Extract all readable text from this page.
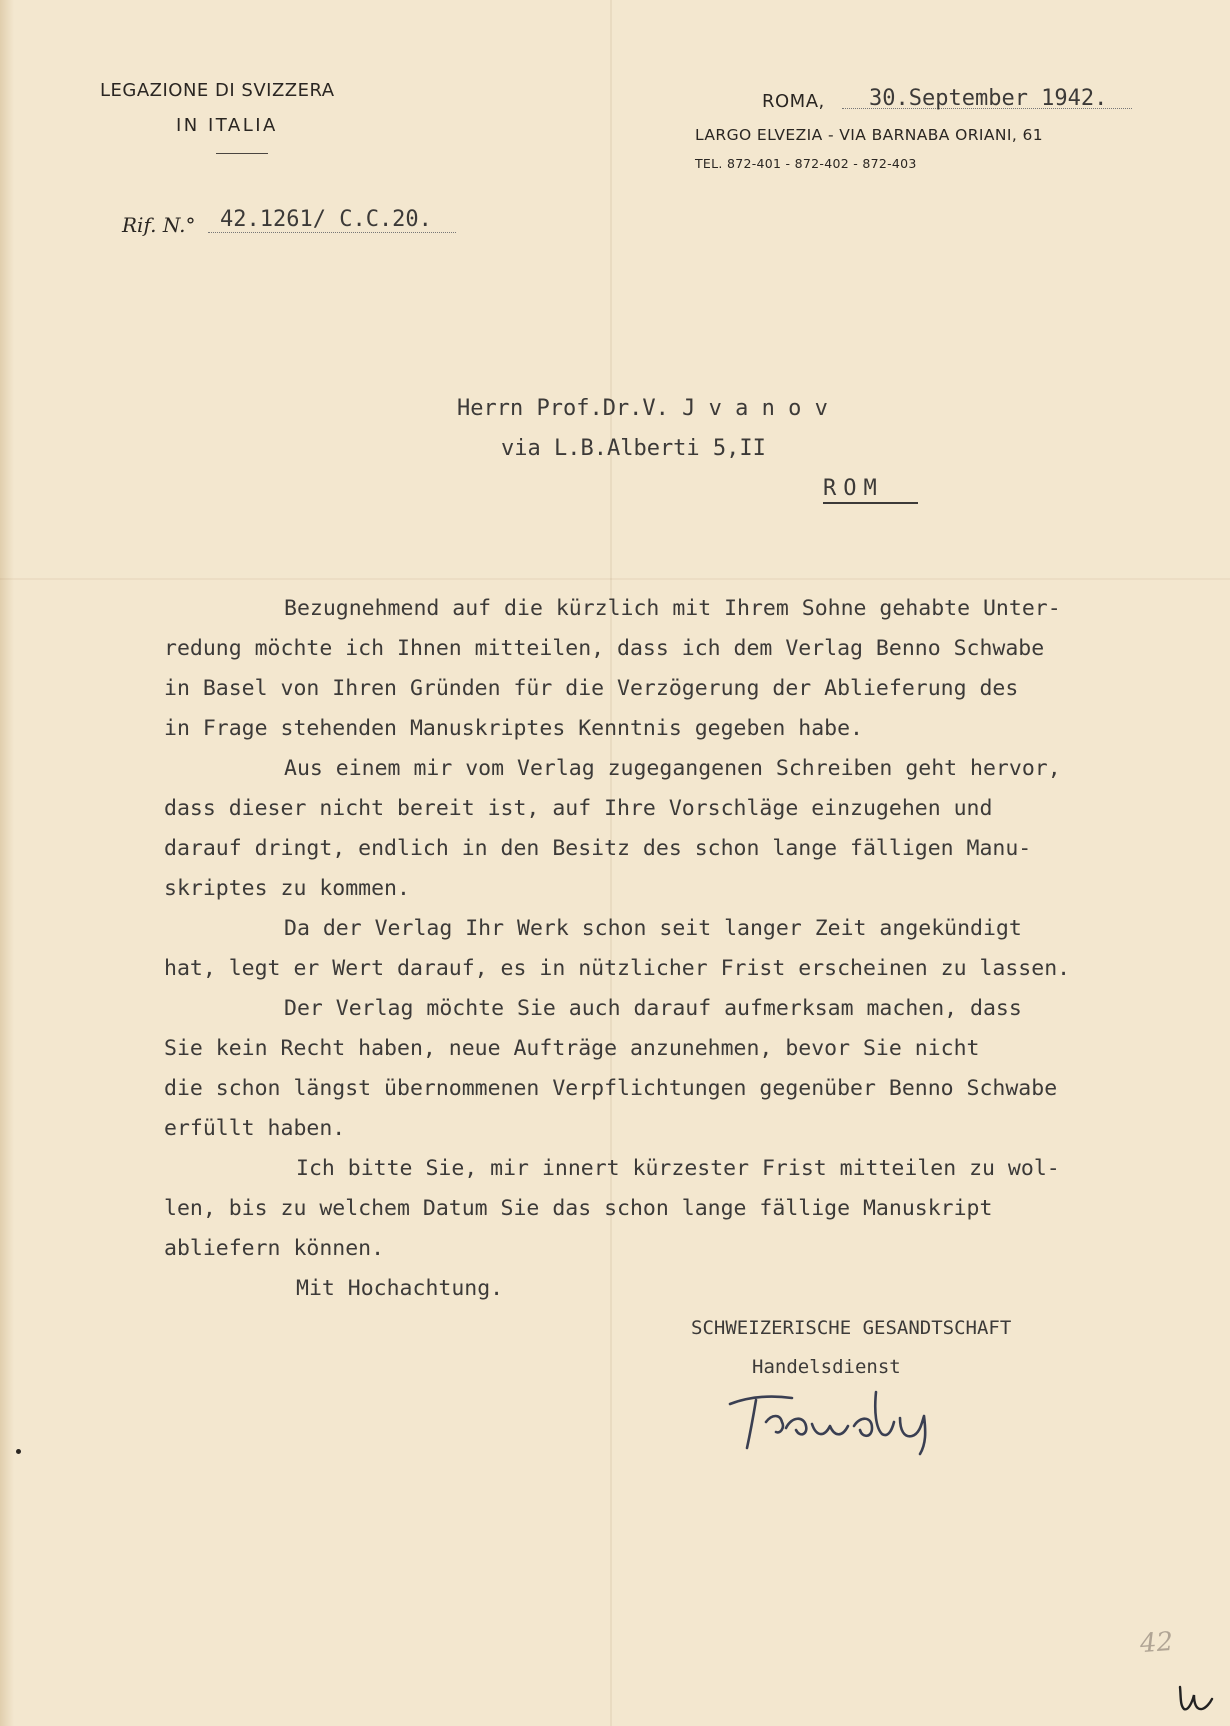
LEGAZIONE DI SVIZZERA
IN ITALIA
ROMA, 30.September 1942.
LARGO ELVEZIA - VIA BARNABA ORIANI, 61
TEL. 872-401 - 872-402 - 872-403
Rif. N.° 42.1261/ C.C.20.
Herrn Prof.Dr.V. J v a n o v
via L.B.Alberti 5,II
ROM
Bezugnehmend auf die kürzlich mit Ihrem Sohne gehabte Unter-
redung möchte ich Ihnen mitteilen, dass ich dem Verlag Benno Schwabe
in Basel von Ihren Gründen für die Verzögerung der Ablieferung des
in Frage stehenden Manuskriptes Kenntnis gegeben habe.
Aus einem mir vom Verlag zugegangenen Schreiben geht hervor,
dass dieser nicht bereit ist, auf Ihre Vorschläge einzugehen und
darauf dringt, endlich in den Besitz des schon lange fälligen Manu-
skriptes zu kommen.
Da der Verlag Ihr Werk schon seit langer Zeit angekündigt
hat, legt er Wert darauf, es in nützlicher Frist erscheinen zu lassen.
Der Verlag möchte Sie auch darauf aufmerksam machen, dass
Sie kein Recht haben, neue Aufträge anzunehmen, bevor Sie nicht
die schon längst übernommenen Verpflichtungen gegenüber Benno Schwabe
erfüllt haben.
Ich bitte Sie, mir innert kürzester Frist mitteilen zu wol-
len, bis zu welchem Datum Sie das schon lange fällige Manuskript
abliefern können.
Mit Hochachtung.
SCHWEIZERISCHE GESANDTSCHAFT
Handelsdienst
42
